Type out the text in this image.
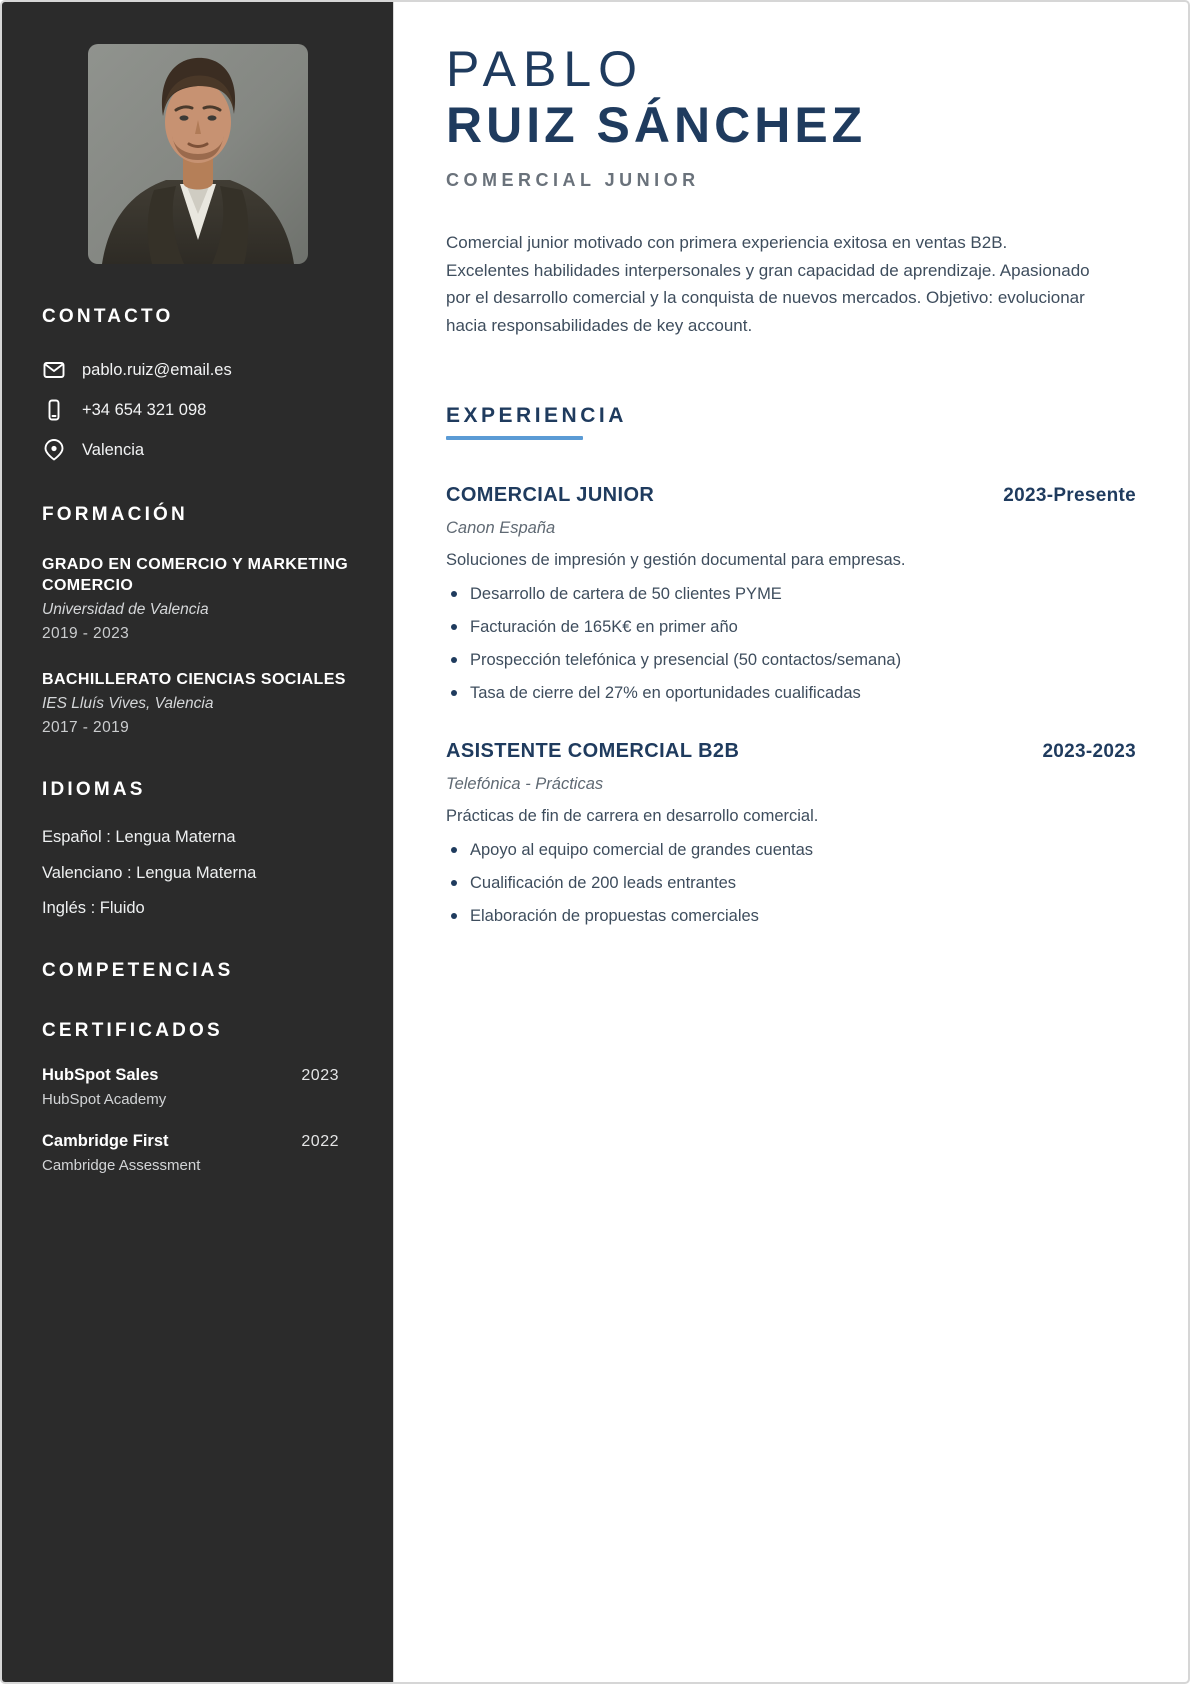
CONTACTO
pablo.ruiz@email.es
+34 654 321 098
Valencia
FORMACIÓN
GRADO EN COMERCIO Y MARKETING COMERCIO
Universidad de Valencia
2019 - 2023
BACHILLERATO CIENCIAS SOCIALES
IES Lluís Vives, Valencia
2017 - 2019
IDIOMAS
Español : Lengua Materna
Valenciano : Lengua Materna
Inglés : Fluido
COMPETENCIAS
CERTIFICADOS
HubSpot Sales	2023
HubSpot Academy
Cambridge First	2022
Cambridge Assessment
PABLO
RUIZ SÁNCHEZ
COMERCIAL JUNIOR

Comercial junior motivado con primera experiencia exitosa en ventas B2B. Excelentes habilidades interpersonales y gran capacidad de aprendizaje. Apasionado por el desarrollo comercial y la conquista de nuevos mercados. Objetivo: evolucionar hacia responsabilidades de key account.

EXPERIENCIA
COMERCIAL JUNIOR	2023-Presente
Canon España
Soluciones de impresión y gestión documental para empresas.
Desarrollo de cartera de 50 clientes PYME
Facturación de 165K€ en primer año
Prospección telefónica y presencial (50 contactos/semana)
Tasa de cierre del 27% en oportunidades cualificadas
ASISTENTE COMERCIAL B2B	2023-2023
Telefónica - Prácticas
Prácticas de fin de carrera en desarrollo comercial.
Apoyo al equipo comercial de grandes cuentas
Cualificación de 200 leads entrantes
Elaboración de propuestas comerciales
